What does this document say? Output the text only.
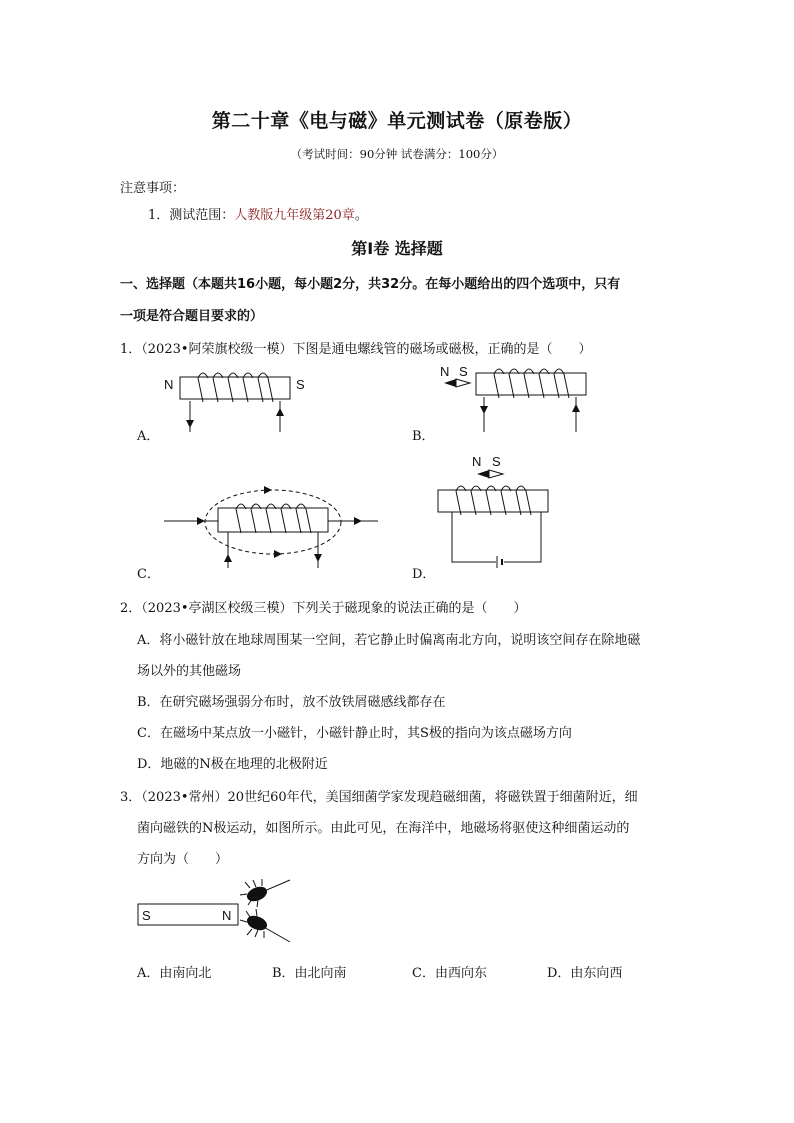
第二十章《电与磁》单元测试卷（原卷版）
（考试时间：90分钟 试卷满分：100分）
注意事项：
1．测试范围：人教版九年级第20章。
第Ⅰ卷 选择题
一、选择题（本题共16小题，每小题2分，共32分。在每小题给出的四个选项中，只有
一项是符合题目要求的）
1．（2023•阿荣旗校级一模）下图是通电螺线管的磁场或磁极，正确的是（　　）
A．	B．
C．	D．
N	S
N S
N S
2．（2023•亭湖区校级三模）下列关于磁现象的说法正确的是（　　）
A．将小磁针放在地球周围某一空间，若它静止时偏离南北方向，说明该空间存在除地磁
场以外的其他磁场
B．在研究磁场强弱分布时，放不放铁屑磁感线都存在
C．在磁场中某点放一小磁针，小磁针静止时，其S极的指向为该点磁场方向
D．地磁的N极在地理的北极附近
3．（2023•常州）20世纪60年代，美国细菌学家发现趋磁细菌，将磁铁置于细菌附近，细
菌向磁铁的N极运动，如图所示。由此可见，在海洋中，地磁场将驱使这种细菌运动的
方向为（　　）
S	N
A．由南向北	B．由北向南	C．由西向东	D．由东向西
